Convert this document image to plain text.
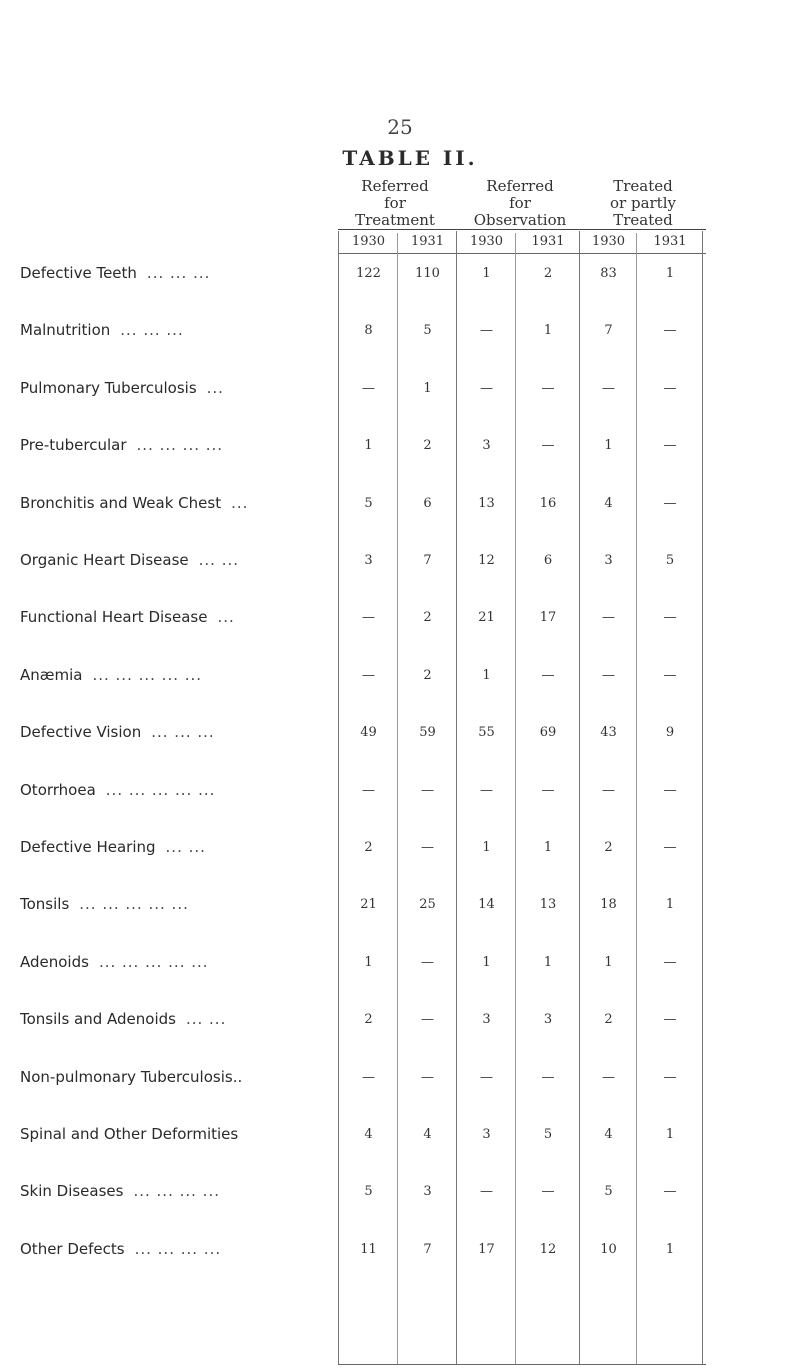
25
TABLE II.
Referred
for
Treatment
Referred
for
Observation
Treated
or partly
Treated
1930	1931	1930	1931	1930	1931
Defective Teeth ... ... ...	122	110	1	2	83	1
Malnutrition ... ... ...	8	5	—	1	7	—
Pulmonary Tuberculosis ...	—	1	—	—	—	—
Pre-tubercular ... ... ... ...	1	2	3	—	1	—
Bronchitis and Weak Chest ...	5	6	13	16	4	—
Organic Heart Disease ... ...	3	7	12	6	3	5
Functional Heart Disease ...	—	2	21	17	—	—
Anæmia ... ... ... ... ...	—	2	1	—	—	—
Defective Vision ... ... ...	49	59	55	69	43	9
Otorrhoea ... ... ... ... ...	—	—	—	—	—	—
Defective Hearing ... ...	2	—	1	1	2	—
Tonsils ... ... ... ... ...	21	25	14	13	18	1
Adenoids ... ... ... ... ...	1	—	1	1	1	—
Tonsils and Adenoids ... ...	2	—	3	3	2	—
Non-pulmonary Tuberculosis..	—	—	—	—	—	—
Spinal and Other Deformities	4	4	3	5	4	1
Skin Diseases ... ... ... ...	5	3	—	—	5	—
Other Defects ... ... ... ...	11	7	17	12	10	1
